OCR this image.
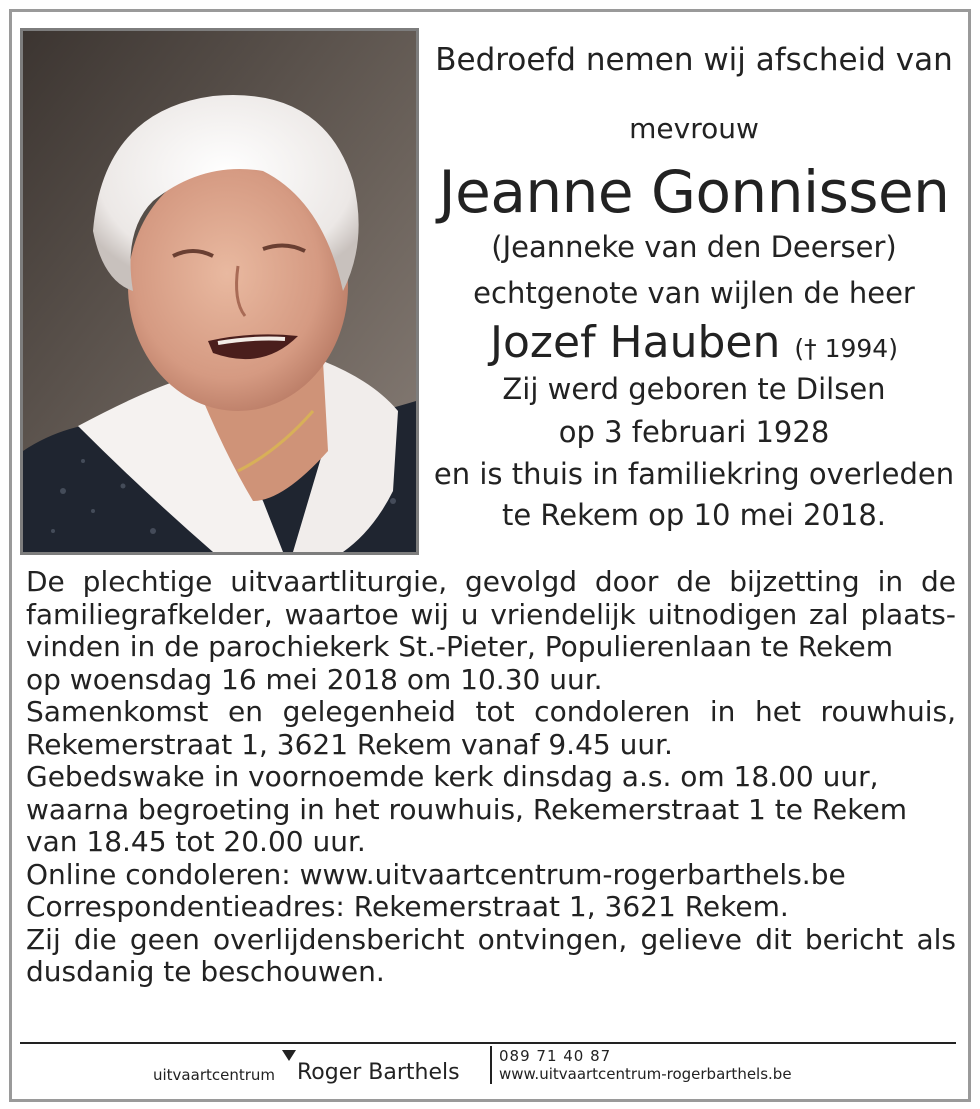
Bedroefd nemen wij afscheid van
mevrouw
Jeanne Gonnissen
(Jeanneke van den Deerser)
echtgenote van wijlen de heer
Jozef Hauben († 1994)
Zij werd geboren te Dilsen
op 3 februari 1928
en is thuis in familiekring overleden
te Rekem op 10 mei 2018.
De plechtige uitvaartliturgie, gevolgd door de bijzetting in de
familiegrafkelder, waartoe wij u vriendelijk uitnodigen zal plaats-
vinden in de parochiekerk St.-Pieter, Populierenlaan te Rekem
op woensdag 16 mei 2018 om 10.30 uur.
Samenkomst en gelegenheid tot condoleren in het rouwhuis,
Rekemerstraat 1, 3621 Rekem vanaf 9.45 uur.
Gebedswake in voornoemde kerk dinsdag a.s. om 18.00 uur,
waarna begroeting in het rouwhuis, Rekemerstraat 1 te Rekem
van 18.45 tot 20.00 uur.
Online condoleren: www.uitvaartcentrum-rogerbarthels.be
Correspondentieadres: Rekemerstraat 1, 3621 Rekem.
Zij die geen overlijdensbericht ontvingen, gelieve dit bericht als
dusdanig te beschouwen.
uitvaartcentrum Roger Barthels
089 71 40 87
www.uitvaartcentrum-rogerbarthels.be
